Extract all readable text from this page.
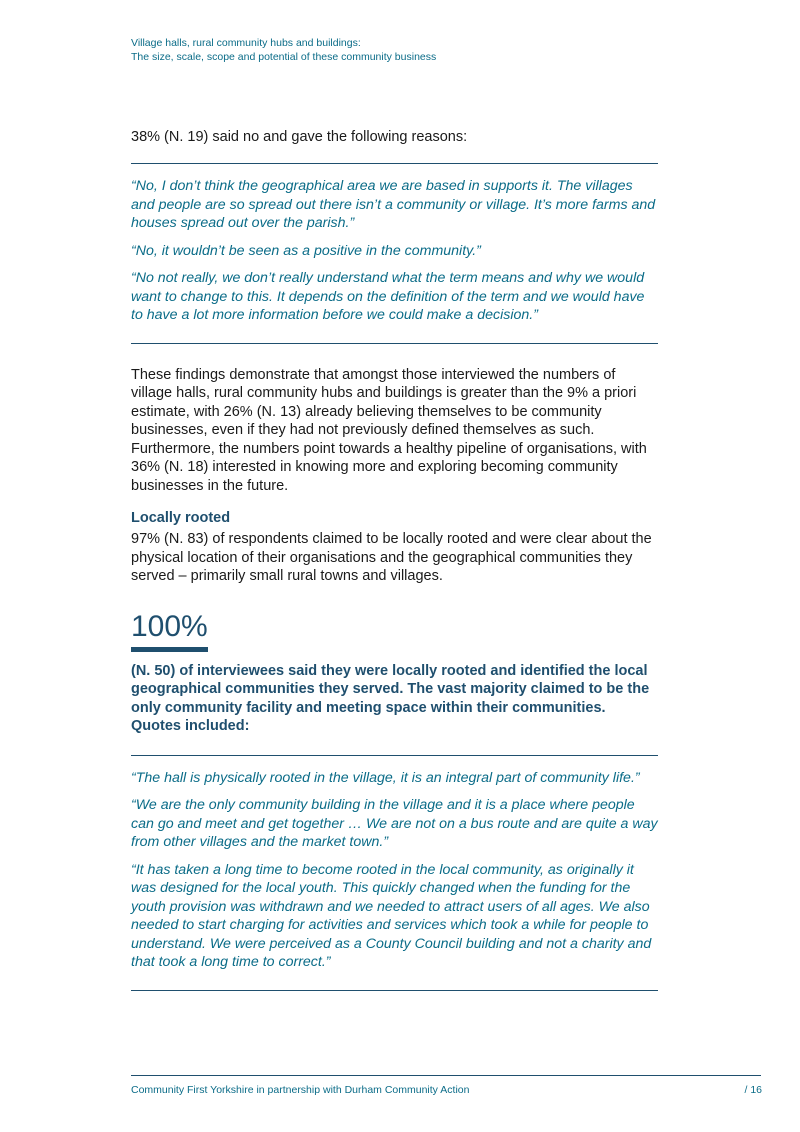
Village halls, rural community hubs and buildings:
The size, scale, scope and potential of these community business

38% (N. 19) said no and gave the following reasons:

“No, I don’t think the geographical area we are based in supports it. The villages and people are so spread out there isn’t a community or village. It’s more farms and houses spread out over the parish.”

“No, it wouldn’t be seen as a positive in the community.”

“No not really, we don’t really understand what the term means and why we would want to change to this. It depends on the definition of the term and we would have to have a lot more information before we could make a decision.”

These findings demonstrate that amongst those interviewed the numbers of village halls, rural community hubs and buildings is greater than the 9% a priori estimate, with 26% (N. 13) already believing themselves to be community businesses, even if they had not previously defined themselves as such. Furthermore, the numbers point towards a healthy pipeline of organisations, with 36% (N. 18) interested in knowing more and exploring becoming community businesses in the future.

Locally rooted

97% (N. 83) of respondents claimed to be locally rooted and were clear about the physical location of their organisations and the geographical communities they served – primarily small rural towns and villages.

100%

(N. 50) of interviewees said they were locally rooted and identified the local geographical communities they served. The vast majority claimed to be the only community facility and meeting space within their communities. Quotes included:

“The hall is physically rooted in the village, it is an integral part of community life.”

“We are the only community building in the village and it is a place where people can go and meet and get together … We are not on a bus route and are quite a way from other villages and the market town.”

“It has taken a long time to become rooted in the local community, as originally it was designed for the local youth. This quickly changed when the funding for the youth provision was withdrawn and we needed to attract users of all ages. We also needed to start charging for activities and services which took a while for people to understand. We were perceived as a County Council building and not a charity and that took a long time to correct.”

Community First Yorkshire in partnership with Durham Community Action	/ 16
